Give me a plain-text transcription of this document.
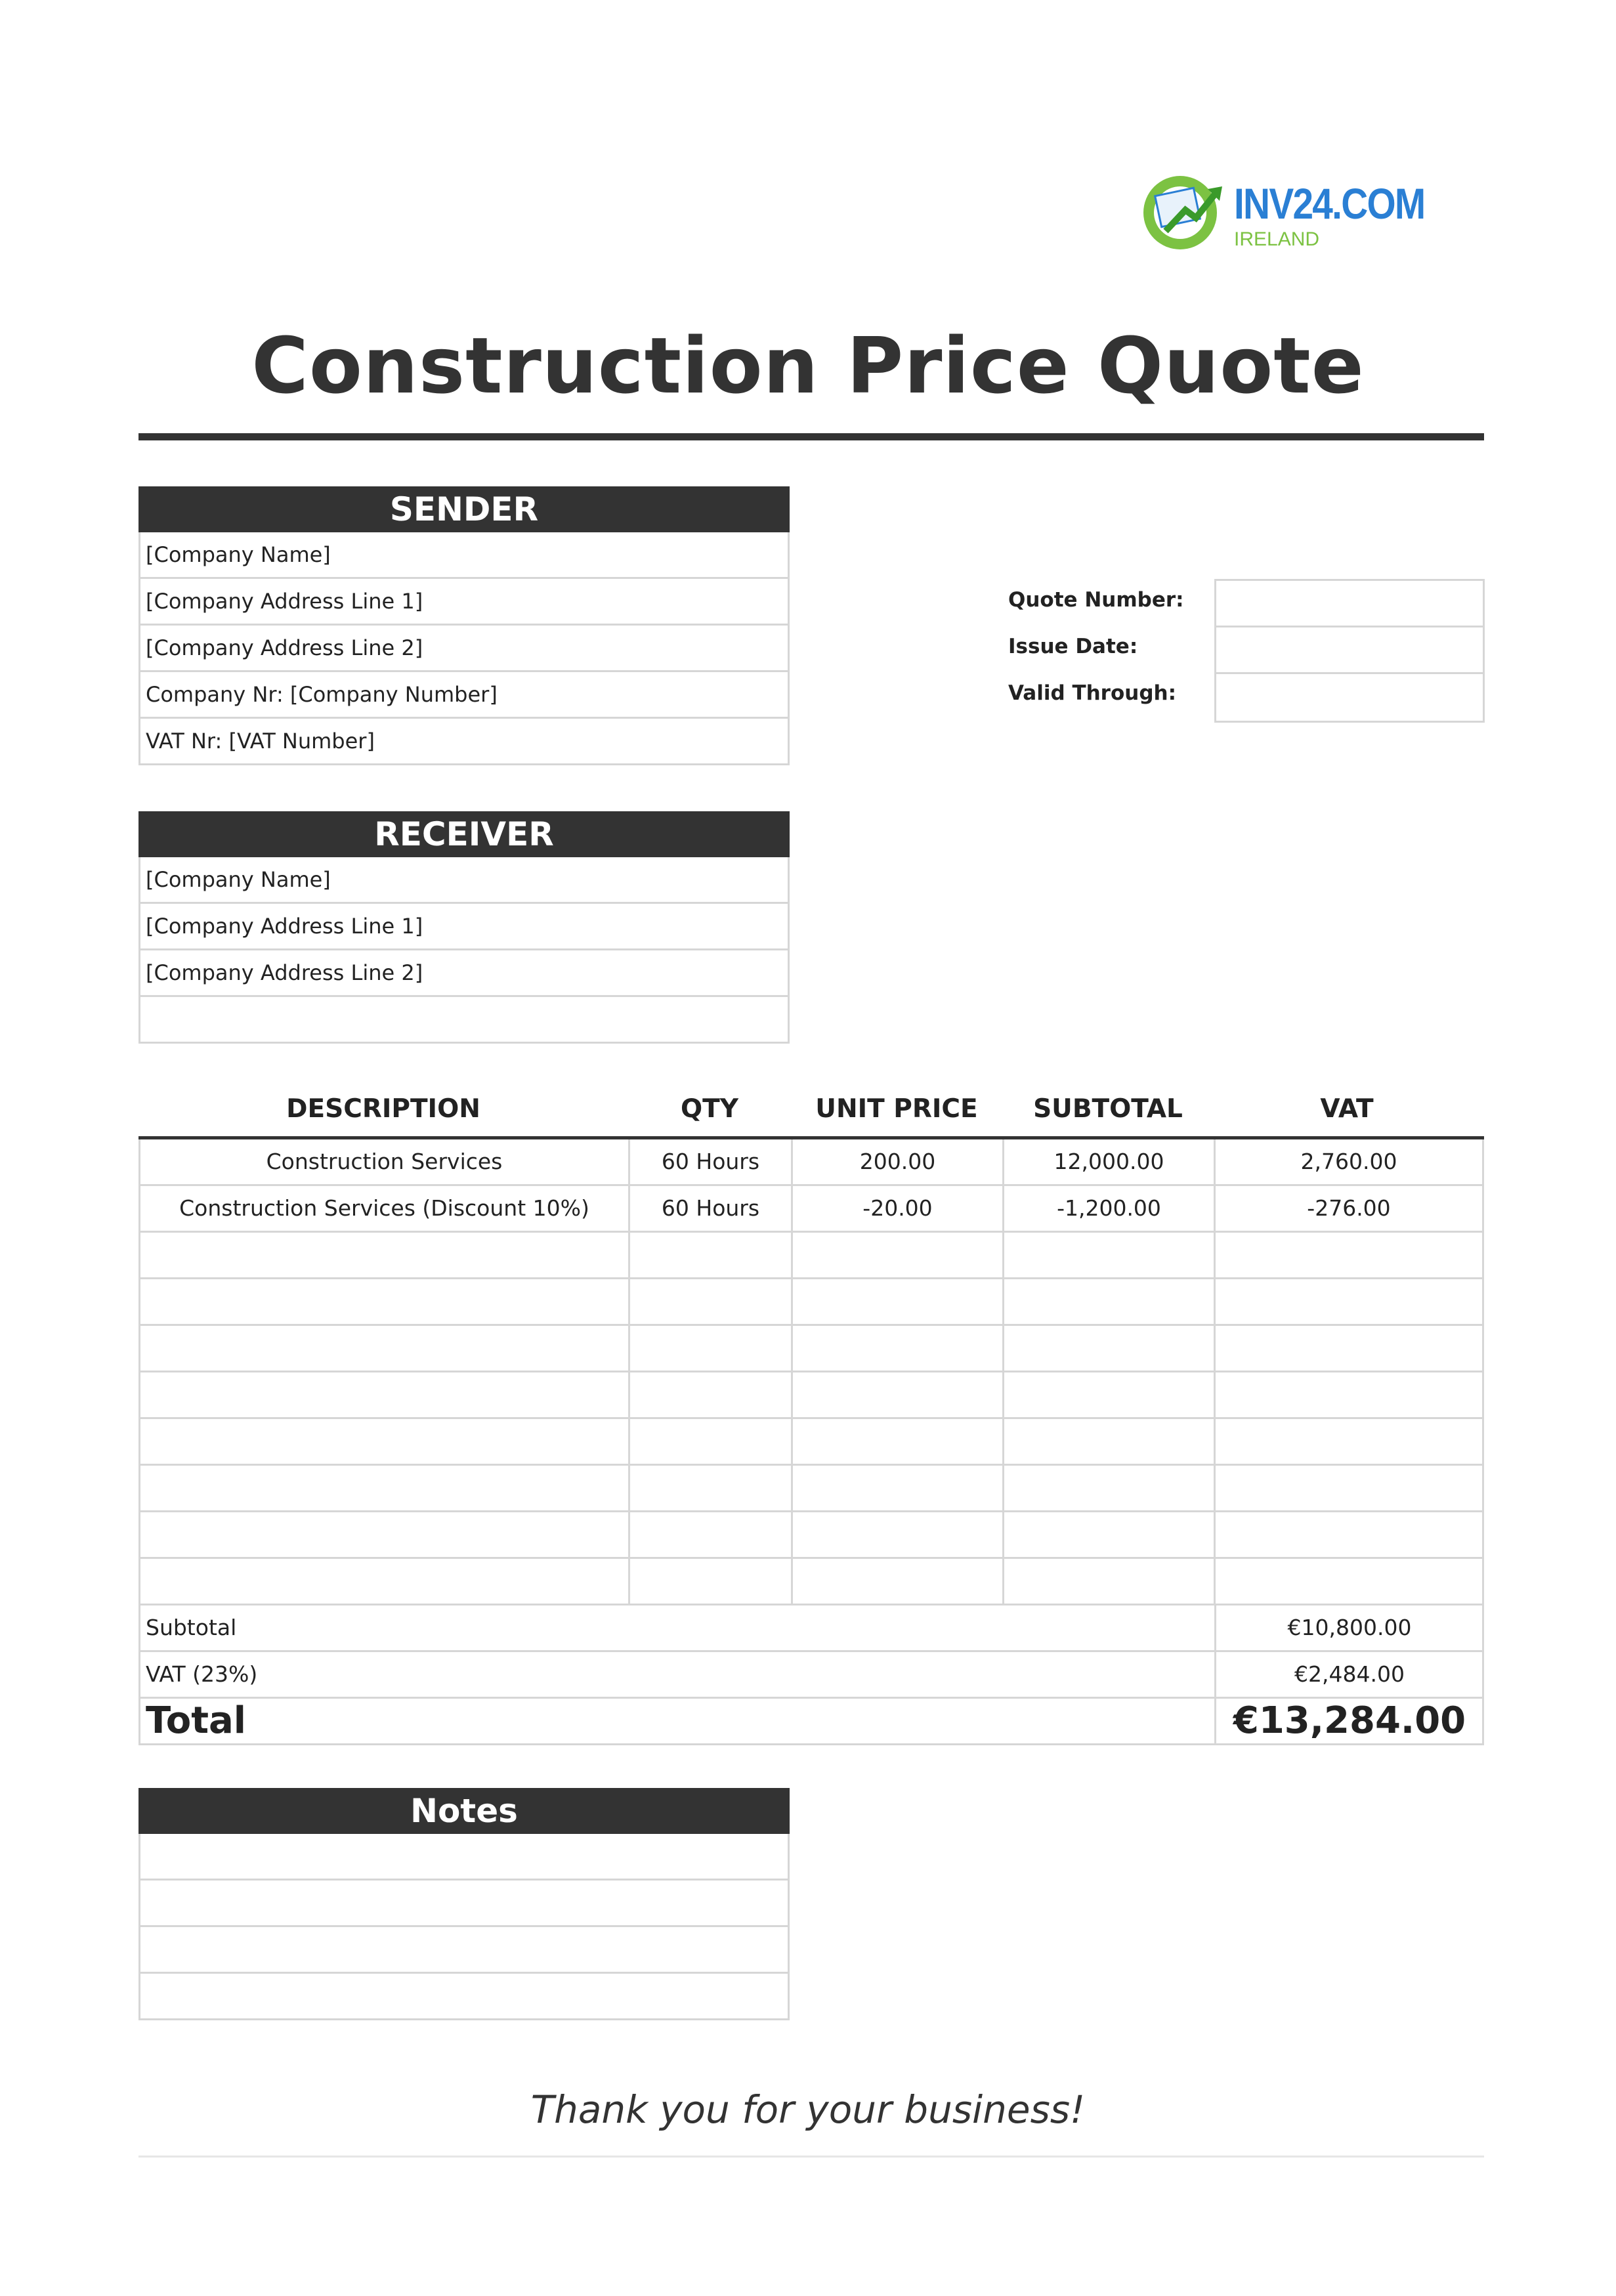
INV24.COM
IRELAND
Construction Price Quote
SENDER
[Company Name]
[Company Address Line 1]
[Company Address Line 2]
Company Nr: [Company Number]
VAT Nr: [VAT Number]
Quote Number:
Issue Date:
Valid Through:
RECEIVER
[Company Name]
[Company Address Line 1]
[Company Address Line 2]
DESCRIPTION	QTY	UNIT PRICE	SUBTOTAL	VAT
Construction Services	60 Hours	200.00	12,000.00	2,760.00
Construction Services (Discount 10%)	60 Hours	-20.00	-1,200.00	-276.00
Subtotal	€10,800.00
VAT (23%)	€2,484.00
Total	€13,284.00
Notes
Thank you for your business!
